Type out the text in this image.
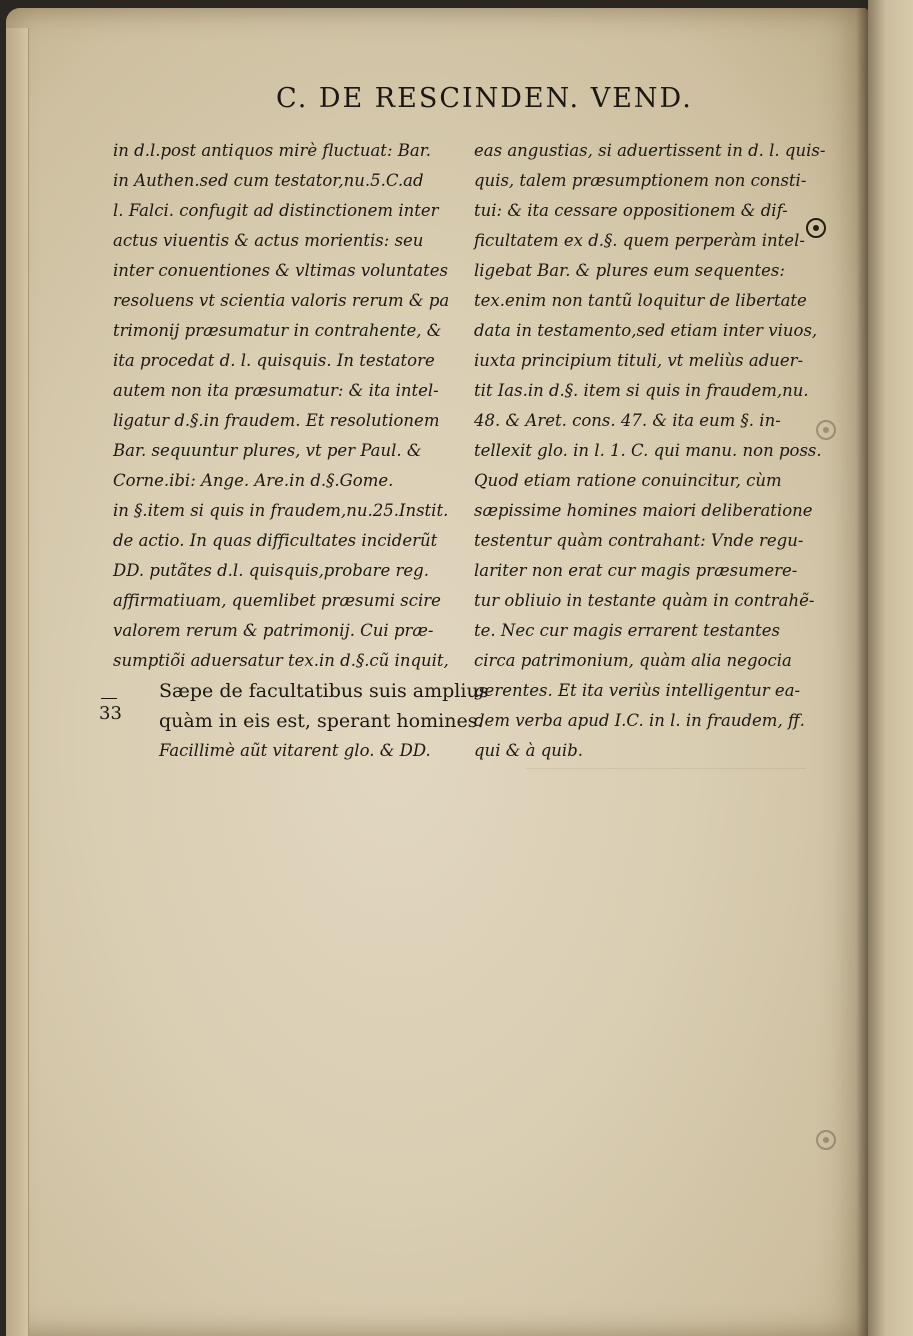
C. DE RESCINDEN. VEND.
in d.l.post antiquos mirè fluctuat: Bar.
in Authen.sed cum testator,nu.5.C.ad
l. Falci. confugit ad distinctionem inter
actus viuentis & actus morientis: seu
inter conuentiones & vltimas voluntates
resoluens vt scientia valoris rerum & pa
trimonij præsumatur in contrahente, &
ita procedat d. l. quisquis. In testatore
autem non ita præsumatur: & ita intel-
ligatur d.§.in fraudem. Et resolutionem
Bar. sequuntur plures, vt per Paul. &
Corne.ibi: Ange. Are.in d.§.Gome.
in §.item si quis in fraudem,nu.25.Instit.
de actio. In quas difficultates inciderũt
DD. putãtes d.l. quisquis,probare reg.
affirmatiuam, quemlibet præsumi scire
valorem rerum & patrimonij. Cui præ-
sumptiõi aduersatur tex.in d.§.cũ inquit,
Sæpe de facultatibus suis amplius
quàm in eis est, sperant homines.
Facillimè aũt vitarent glo. & DD.
33
eas angustias, si aduertissent in d. l. quis-
quis, talem præsumptionem non consti-
tui: & ita cessare oppositionem & dif-
ficultatem ex d.§. quem perperàm intel-
ligebat Bar. & plures eum sequentes:
tex.enim non tantũ loquitur de libertate
data in testamento,sed etiam inter viuos,
iuxta principium tituli, vt meliùs aduer-
tit Ias.in d.§. item si quis in fraudem,nu.
48. & Aret. cons. 47. & ita eum §. in-
tellexit glo. in l. 1. C. qui manu. non poss.
Quod etiam ratione conuincitur, cùm
sæpissime homines maiori deliberatione
testentur quàm contrahant: Vnde regu-
lariter non erat cur magis præsumere-
tur obliuio in testante quàm in contrahẽ-
te. Nec cur magis errarent testantes
circa patrimonium, quàm alia negocia
gerentes. Et ita veriùs intelligentur ea-
dem verba apud I.C. in l. in fraudem, ff.
qui & à quib.
